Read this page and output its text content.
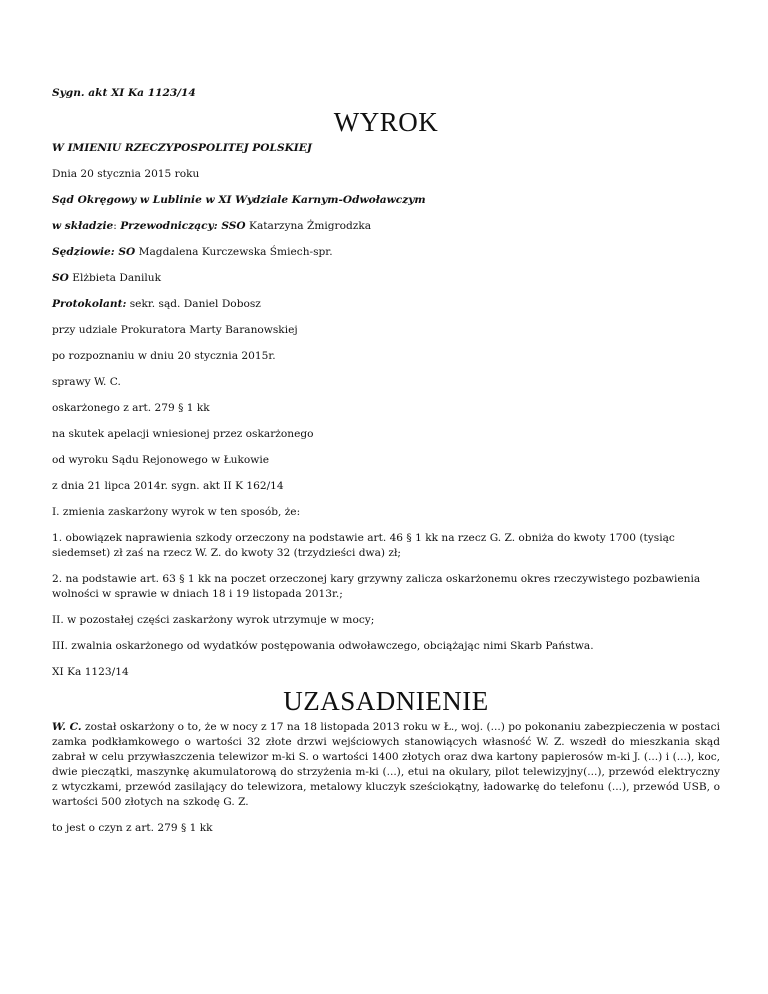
Sygn. akt XI Ka 1123/14

WYROK

W IMIENIU RZECZYPOSPOLITEJ POLSKIEJ

Dnia 20 stycznia 2015 roku

Sąd Okręgowy w Lublinie w XI Wydziale Karnym-Odwoławczym

w składzie: Przewodniczący: SSO Katarzyna Żmigrodzka

Sędziowie: SO Magdalena Kurczewska Śmiech-spr.

SO Elżbieta Daniluk

Protokolant: sekr. sąd. Daniel Dobosz

przy udziale Prokuratora Marty Baranowskiej

po rozpoznaniu w dniu 20 stycznia 2015r.

sprawy W. C.

oskarżonego z art. 279 § 1 kk

na skutek apelacji wniesionej przez oskarżonego

od wyroku Sądu Rejonowego w Łukowie

z dnia 21 lipca 2014r. sygn. akt II K 162/14

I. zmienia zaskarżony wyrok w ten sposób, że:

1. obowiązek naprawienia szkody orzeczony na podstawie art. 46 § 1 kk na rzecz G. Z. obniża do kwoty 1700 (tysiąc siedemset) zł zaś na rzecz W. Z. do kwoty 32 (trzydzieści dwa) zł;

2. na podstawie art. 63 § 1 kk na poczet orzeczonej kary grzywny zalicza oskarżonemu okres rzeczywistego pozbawienia wolności w sprawie w dniach 18 i 19 listopada 2013r.;

II. w pozostałej części zaskarżony wyrok utrzymuje w mocy;

III. zwalnia oskarżonego od wydatków postępowania odwoławczego, obciążając nimi Skarb Państwa.

XI Ka 1123/14

UZASADNIENIE

W. C. został oskarżony o to, że w nocy z 17 na 18 listopada 2013 roku w Ł., woj. (...) po pokonaniu zabezpieczenia w postaci zamka podkłamkowego o wartości 32 złote drzwi wejściowych stanowiących własność W. Z. wszedł do mieszkania skąd zabrał w celu przywłaszczenia telewizor m-ki S. o wartości 1400 złotych oraz dwa kartony papierosów m-ki J. (...) i (...), koc, dwie pieczątki, maszynkę akumulatorową do strzyżenia m-ki (...), etui na okulary, pilot telewizyjny(...), przewód elektryczny z wtyczkami, przewód zasilający do telewizora, metalowy kluczyk sześciokątny, ładowarkę do telefonu (...), przewód USB, o wartości 500 złotych na szkodę G. Z.

to jest o czyn z art. 279 § 1 kk
